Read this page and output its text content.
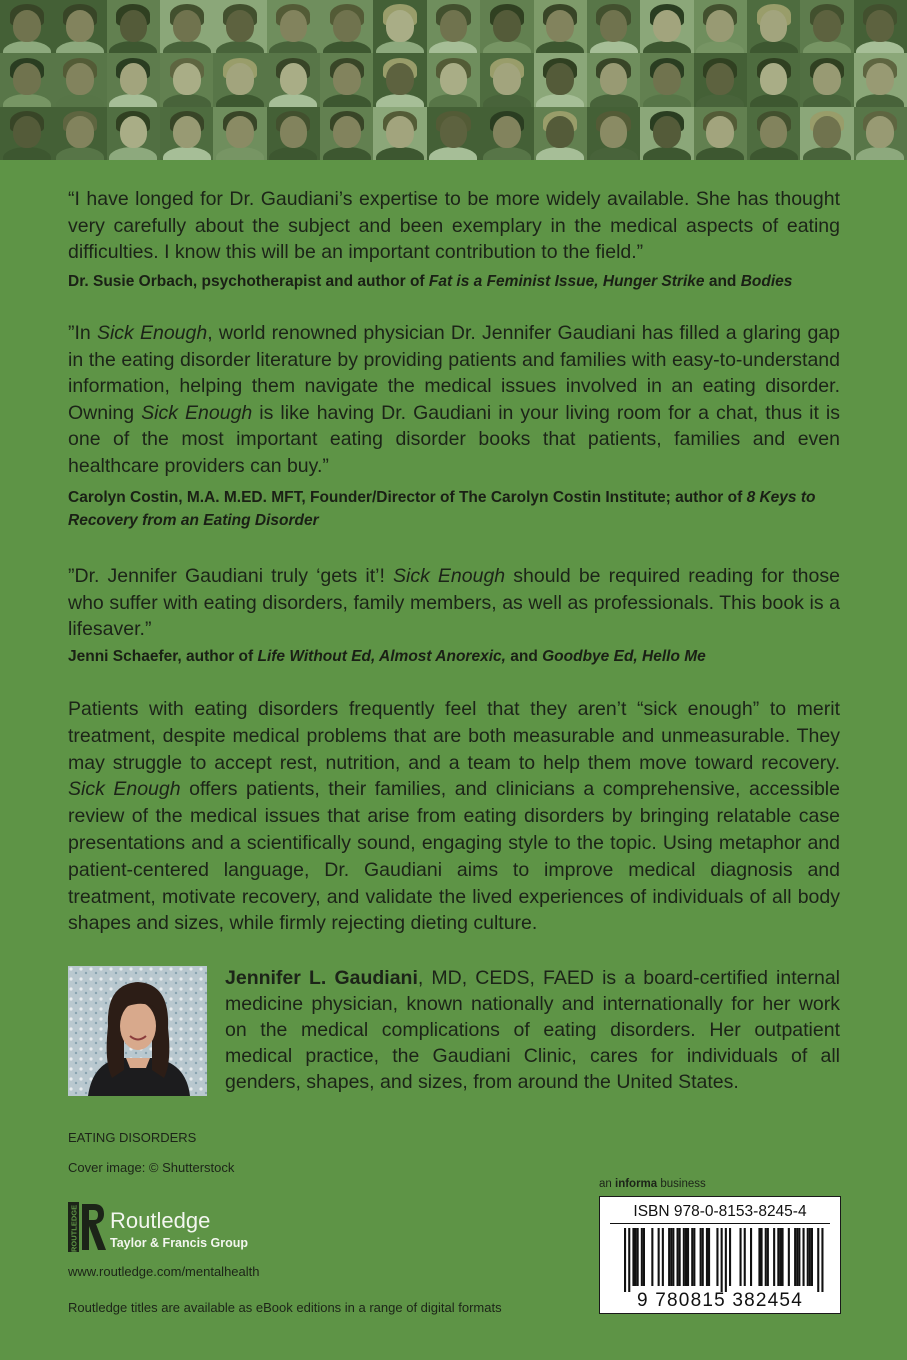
“I have longed for Dr. Gaudiani’s expertise to be more widely available. She has thought very carefully about the subject and been exemplary in the medical aspects of eating difficulties. I know this will be an important contribution to the field.”
Dr. Susie Orbach, psychotherapist and author of Fat is a Feminist Issue, Hunger Strike and Bodies
”In Sick Enough, world renowned physician Dr. Jennifer Gaudiani has filled a glaring gap in the eating disorder literature by providing patients and families with easy-to-understand information, helping them navigate the medical issues involved in an eating disorder. Owning Sick Enough is like having Dr. Gaudiani in your living room for a chat, thus it is one of the most important eating disorder books that patients, families and even healthcare providers can buy.”
Carolyn Costin, M.A. M.ED. MFT, Founder/Director of The Carolyn Costin Institute; author of 8 Keys to Recovery from an Eating Disorder
”Dr. Jennifer Gaudiani truly ‘gets it’! Sick Enough should be required reading for those who suffer with eating disorders, family members, as well as professionals. This book is a lifesaver.”
Jenni Schaefer, author of Life Without Ed, Almost Anorexic, and Goodbye Ed, Hello Me
Patients with eating disorders frequently feel that they aren’t “sick enough” to merit treatment, despite medical problems that are both measurable and unmeasurable. They may struggle to accept rest, nutrition, and a team to help them move toward recovery. Sick Enough offers patients, their families, and clinicians a comprehensive, accessible review of the medical issues that arise from eating disorders by bringing relatable case presentations and a scientifically sound, engaging style to the topic. Using metaphor and patient-centered language, Dr. Gaudiani aims to improve medical diagnosis and treatment, motivate recovery, and validate the lived experiences of individuals of all body shapes and sizes, while firmly rejecting dieting culture.
Jennifer L. Gaudiani, MD, CEDS, FAED is a board-certified internal medicine physician, known nationally and internationally for her work on the medical complications of eating disorders. Her outpatient medical practice, the Gaudiani Clinic, cares for individuals of all genders, shapes, and sizes, from around the United States.
EATING DISORDERS
Cover image: © Shutterstock
ROUTLEDGE Routledge
Taylor & Francis Group
www.routledge.com/mentalhealth
Routledge titles are available as eBook editions in a range of digital formats
an informa business
ISBN 978-0-8153-8245-4
9 780815 382454
